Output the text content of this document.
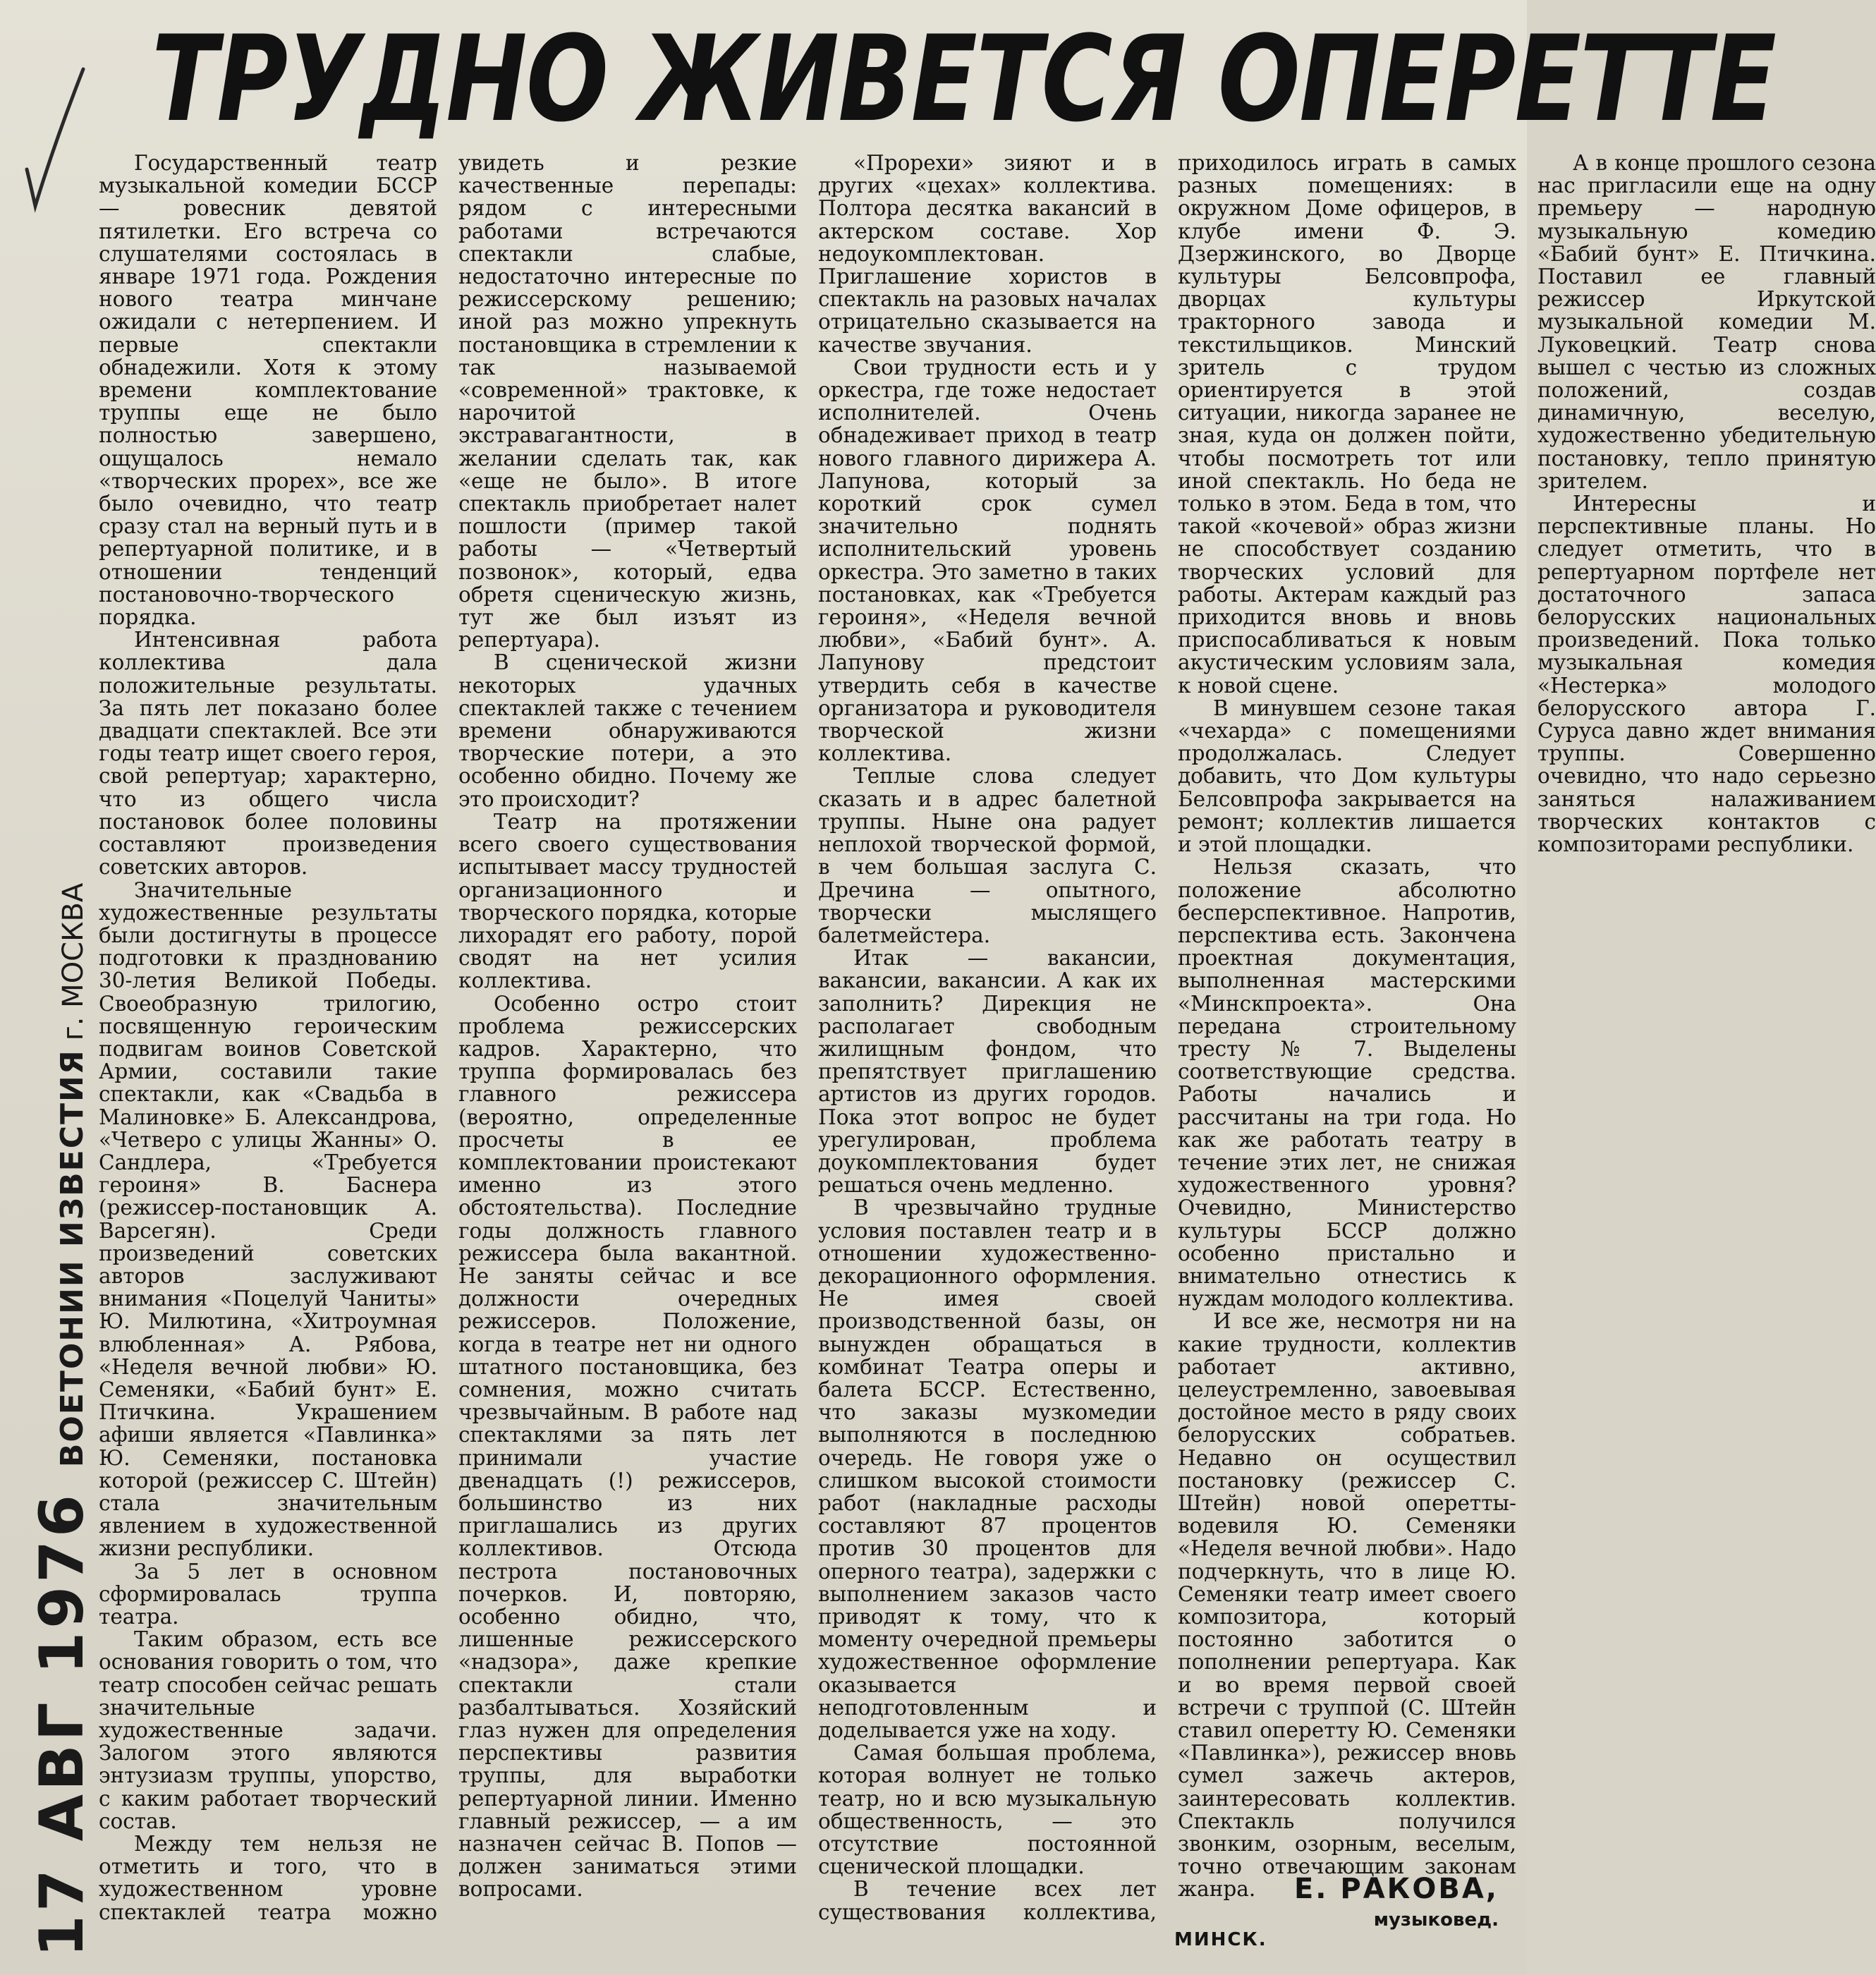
ТРУДНО ЖИВЕТСЯ ОПЕРЕТТЕ
17 АВГ 1976ВОЕТОНИИ ИЗВЕСТИЯг. МОСКВА

Государственный театр музыкальной комедии БССР — ровесник девятой пятилетки. Его встреча со слушателями состоялась в январе 1971 года. Рождения нового театра минчане ожидали с нетерпением. И первые спектакли обнадежили. Хотя к этому времени комплектование труппы еще не было полностью завершено, ощущалось немало «творческих прорех», все же было очевидно, что театр сразу стал на верный путь и в репертуарной политике, и в отношении тенденций постановочно-творческого порядка.

Интенсивная работа коллектива дала положительные результаты. За пять лет показано более двадцати спектаклей. Все эти годы театр ищет своего героя, свой репертуар; характерно, что из общего числа постановок более половины составляют произведения советских авторов.

Значительные художественные результаты были достигнуты в процессе подготовки к празднованию 30-летия Великой Победы. Своеобразную трилогию, посвященную героическим подвигам воинов Советской Армии, составили такие спектакли, как «Свадьба в Малиновке» Б. Александрова, «Четверо с улицы Жанны» О. Сандлера, «Требуется героиня» В. Баснера (режиссер-постановщик А. Варсегян). Среди произведений советских авторов заслуживают внимания «Поцелуй Чаниты» Ю. Милютина, «Хитроумная влюбленная» А. Рябова, «Неделя вечной любви» Ю. Семеняки, «Бабий бунт» Е. Птичкина. Украшением афиши является «Павлинка» Ю. Семеняки, постановка которой (режиссер С. Штейн) стала значительным явлением в художественной жизни республики.

За 5 лет в основном сформировалась труппа театра.

Таким образом, есть все основания говорить о том, что театр способен сейчас решать значительные художественные задачи. Залогом этого являются энтузиазм труппы, упорство, с каким работает творческий состав.

Между тем нельзя не отметить и того, что в художественном уровне спектаклей театра можно увидеть и резкие качественные перепады: рядом с интересными работами встречаются спектакли слабые, недостаточно интересные по режиссерскому решению; иной раз можно упрекнуть постановщика в стремлении к так называемой «современной» трактовке, к нарочитой экстравагантности, в желании сделать так, как «еще не было». В итоге спектакль приобретает налет пошлости (пример такой работы — «Четвертый позвонок», который, едва обретя сценическую жизнь, тут же был изъят из репертуара).

В сценической жизни некоторых удачных спектаклей также с течением времени обнаруживаются творческие потери, а это особенно обидно. Почему же это происходит?

Театр на протяжении всего своего существования испытывает массу трудностей организационного и творческого порядка, которые лихорадят его работу, порой сводят на нет усилия коллектива.

Особенно остро стоит проблема режиссерских кадров. Характерно, что труппа формировалась без главного режиссера (вероятно, определенные просчеты в ее комплектовании проистекают именно из этого обстоятельства). Последние годы должность главного режиссера была вакантной. Не заняты сейчас и все должности очередных режиссеров. Положение, когда в театре нет ни одного штатного постановщика, без сомнения, можно считать чрезвычайным. В работе над спектаклями за пять лет принимали участие двенадцать (!) режиссеров, большинство из них приглашались из других коллективов. Отсюда пестрота постановочных почерков. И, повторяю, особенно обидно, что, лишенные режиссерского «надзора», даже крепкие спектакли стали разбалтываться. Хозяйский глаз нужен для определения перспективы развития труппы, для выработки репертуарной линии. Именно главный режиссер, — а им назначен сейчас В. Попов — должен заниматься этими вопросами.

«Прорехи» зияют и в других «цехах» коллектива. Полтора десятка вакансий в актерском составе. Хор недоукомплектован. Приглашение хористов в спектакль на разовых началах отрицательно сказывается на качестве звучания.

Свои трудности есть и у оркестра, где тоже недостает исполнителей. Очень обнадеживает приход в театр нового главного дирижера А. Лапунова, который за короткий срок сумел значительно поднять исполнительский уровень оркестра. Это заметно в таких постановках, как «Требуется героиня», «Неделя вечной любви», «Бабий бунт». А. Лапунову предстоит утвердить себя в качестве организатора и руководителя творческой жизни коллектива.

Теплые слова следует сказать и в адрес балетной труппы. Ныне она радует неплохой творческой формой, в чем большая заслуга С. Дречина — опытного, творчески мыслящего балетмейстера.

Итак — вакансии, вакансии, вакансии. А как их заполнить? Дирекция не располагает свободным жилищным фондом, что препятствует приглашению артистов из других городов. Пока этот вопрос не будет урегулирован, проблема доукомплектования будет решаться очень медленно.

В чрезвычайно трудные условия поставлен театр и в отношении художественно-декорационного оформления. Не имея своей производственной базы, он вынужден обращаться в комбинат Театра оперы и балета БССР. Естественно, что заказы музкомедии выполняются в последнюю очередь. Не говоря уже о слишком высокой стоимости работ (накладные расходы составляют 87 процентов против 30 процентов для оперного театра), задержки с выполнением заказов часто приводят к тому, что к моменту очередной премьеры художественное оформление оказывается неподготовленным и доделывается уже на ходу.

Самая большая проблема, которая волнует не только театр, но и всю музыкальную общественность, — это отсутствие постоянной сценической площадки.

В течение всех лет существования коллектива, приходилось играть в самых разных помещениях: в окружном Доме офицеров, в клубе имени Ф. Э. Дзержинского, во Дворце культуры Белсовпрофа, дворцах культуры тракторного завода и текстильщиков. Минский зритель с трудом ориентируется в этой ситуации, никогда заранее не зная, куда он должен пойти, чтобы посмотреть тот или иной спектакль. Но беда не только в этом. Беда в том, что такой «кочевой» образ жизни не способствует созданию творческих условий для работы. Актерам каждый раз приходится вновь и вновь приспосабливаться к новым акустическим условиям зала, к новой сцене.

В минувшем сезоне такая «чехарда» с помещениями продолжалась. Следует добавить, что Дом культуры Белсовпрофа закрывается на ремонт; коллектив лишается и этой площадки.

Нельзя сказать, что положение абсолютно бесперспективное. Напротив, перспектива есть. Закончена проектная документация, выполненная мастерскими «Минскпроекта». Она передана строительному тресту № 7. Выделены соответствующие средства. Работы начались и рассчитаны на три года. Но как же работать театру в течение этих лет, не снижая художественного уровня? Очевидно, Министерство культуры БССР должно особенно пристально и внимательно отнестись к нуждам молодого коллектива.

И все же, несмотря ни на какие трудности, коллектив работает активно, целеустремленно, завоевывая достойное место в ряду своих белорусских собратьев. Недавно он осуществил постановку (режиссер С. Штейн) новой оперетты-водевиля Ю. Семеняки «Неделя вечной любви». Надо подчеркнуть, что в лице Ю. Семеняки театр имеет своего композитора, который постоянно заботится о пополнении репертуара. Как и во время первой своей встречи с труппой (С. Штейн ставил оперетту Ю. Семеняки «Павлинка»), режиссер вновь сумел зажечь актеров, заинтересовать коллектив. Спектакль получился звонким, озорным, веселым, точно отвечающим законам жанра.

А в конце прошлого сезона нас пригласили еще на одну премьеру — народную музыкальную комедию «Бабий бунт» Е. Птичкина. Поставил ее главный режиссер Иркутской музыкальной комедии М. Луковецкий. Театр снова вышел с честью из сложных положений, создав динамичную, веселую, художественно убедительную постановку, тепло принятую зрителем.

Интересны и перспективные планы. Но следует отметить, что в репертуарном портфеле нет достаточного запаса белорусских национальных произведений. Пока только музыкальная комедия «Нестерка» молодого белорусского автора Г. Суруса давно ждет внимания труппы. Совершенно очевидно, что надо серьезно заняться налаживанием творческих контактов с композиторами республики.

Е. РАКОВА,
музыковед.
МИНСК.
